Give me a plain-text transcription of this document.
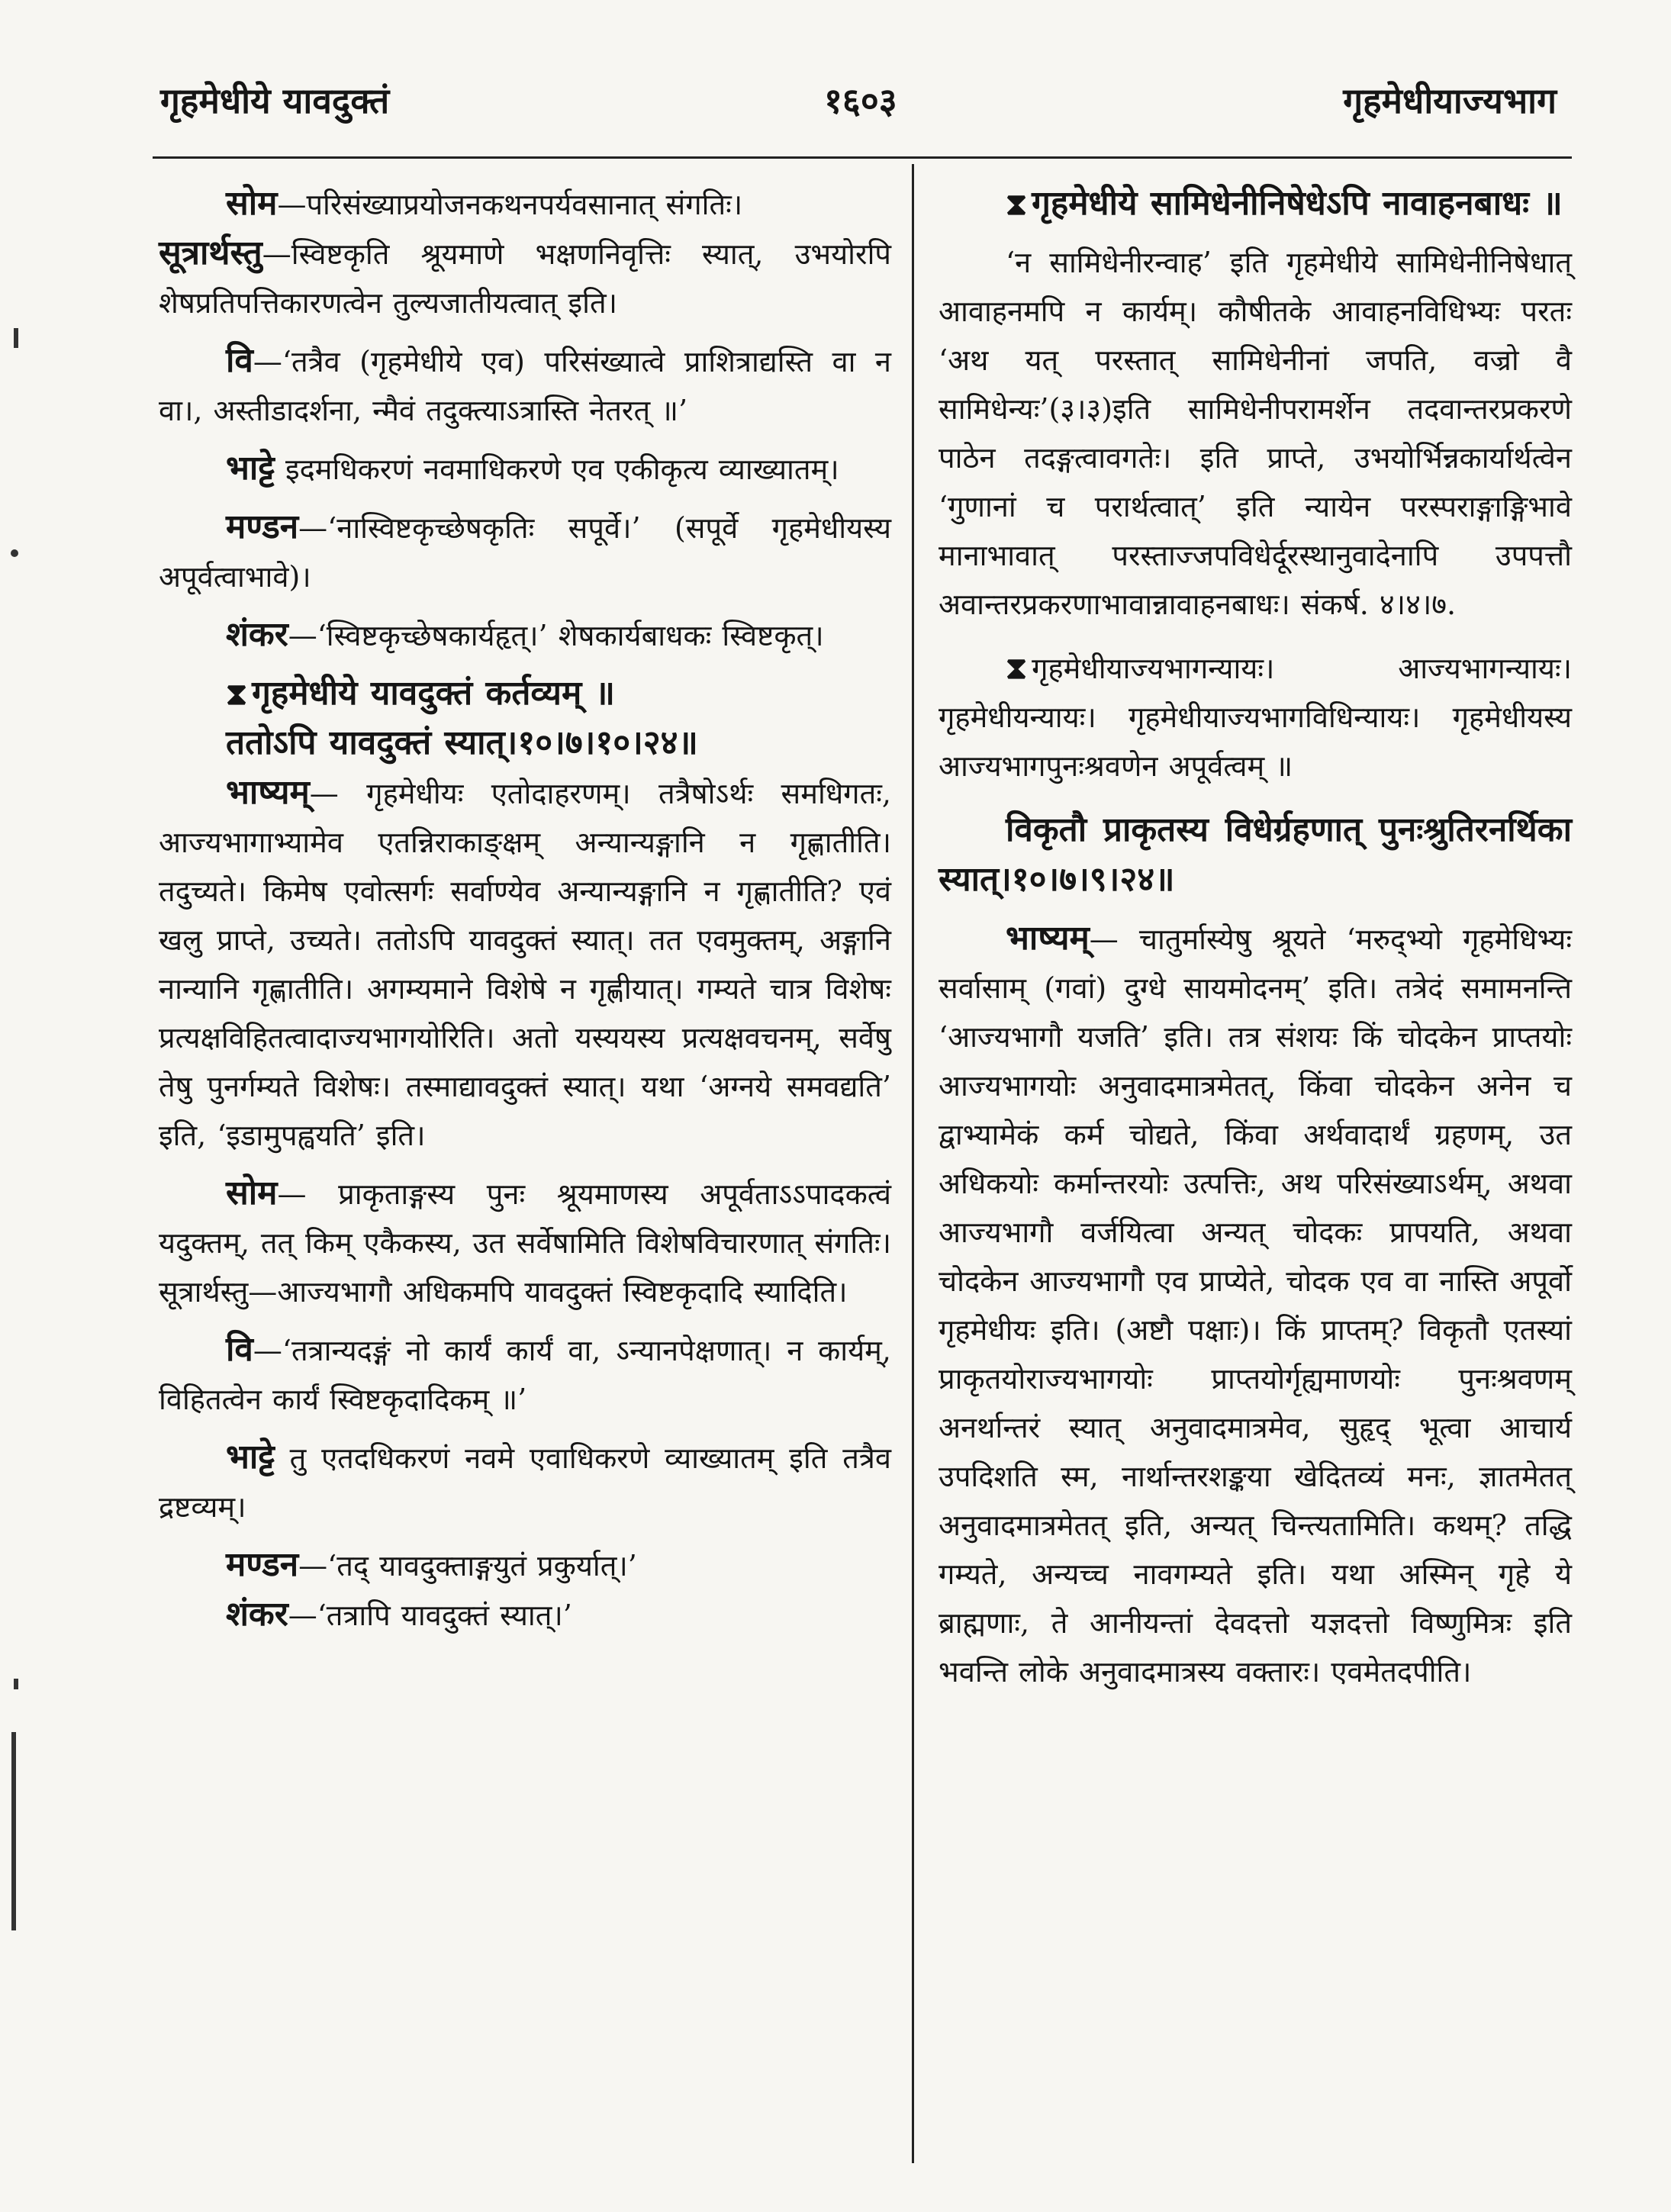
गृहमेधीये यावदुक्तं	१६०३	गृहमेधीयाज्यभाग

सोम—परिसंख्याप्रयोजनकथनपर्यवसानात् संगतिः।

सूत्रार्थस्तु—स्विष्टकृति श्रूयमाणे भक्षणनिवृत्तिः स्यात्, उभयोरपि शेषप्रतिपत्तिकारणत्वेन तुल्यजातीयत्वात् इति।

वि—‘तत्रैव (गृहमेधीये एव) परिसंख्यात्वे प्राशित्राद्यस्ति वा न वा।, अस्तीडादर्शना, न्मैवं तदुक्त्याऽत्रास्ति नेतरत् ॥’

भाट्टे इदमधिकरणं नवमाधिकरणे एव एकीकृत्य व्याख्यातम्।

मण्डन—‘नास्विष्टकृच्छेषकृतिः सपूर्वे।’ (सपूर्वे गृहमेधीयस्य अपूर्वत्वाभावे)।

शंकर—‘स्विष्टकृच्छेषकार्यहृत्।’ शेषकार्यबाधकः स्विष्टकृत्।

⧗ गृहमेधीये यावदुक्तं कर्तव्यम् ॥

ततोऽपि यावदुक्तं स्यात्।१०।७।१०।२४॥

भाष्यम्— गृहमेधीयः एतोदाहरणम्। तत्रैषोऽर्थः समधिगतः, आज्यभागाभ्यामेव एतन्निराकाङ्क्षम् अन्यान्यङ्गानि न गृह्णातीति। तदुच्यते। किमेष एवोत्सर्गः सर्वाण्येव अन्यान्यङ्गानि न गृह्णातीति? एवं खलु प्राप्ते, उच्यते। ततोऽपि यावदुक्तं स्यात्। तत एवमुक्तम्, अङ्गानि नान्यानि गृह्णातीति। अगम्यमाने विशेषे न गृह्णीयात्। गम्यते चात्र विशेषः प्रत्यक्षविहितत्वादाज्यभागयोरिति। अतो यस्ययस्य प्रत्यक्षवचनम्, सर्वेषु तेषु पुनर्गम्यते विशेषः। तस्माद्यावदुक्तं स्यात्। यथा ‘अग्नये समवद्यति’ इति, ‘इडामुपह्वयति’ इति।

सोम— प्राकृताङ्गस्य पुनः श्रूयमाणस्य अपूर्वताऽऽपादकत्वं यदुक्तम्, तत् किम् एकैकस्य, उत सर्वेषामिति विशेषविचारणात् संगतिः। सूत्रार्थस्तु—आज्यभागौ अधिकमपि यावदुक्तं स्विष्टकृदादि स्यादिति।

वि—‘तत्रान्यदङ्गं नो कार्यं कार्यं वा, ऽन्यानपेक्षणात्। न कार्यम्, विहितत्वेन कार्यं स्विष्टकृदादिकम् ॥’

भाट्टे तु एतदधिकरणं नवमे एवाधिकरणे व्याख्यातम् इति तत्रैव द्रष्टव्यम्।

मण्डन—‘तद् यावदुक्ताङ्गयुतं प्रकुर्यात्।’

शंकर—‘तत्रापि यावदुक्तं स्यात्।’

⧗ गृहमेधीये सामिधेनीनिषेधेऽपि नावाहनबाधः ॥

‘न सामिधेनीरन्वाह’ इति गृहमेधीये सामिधेनीनिषेधात् आवाहनमपि न कार्यम्। कौषीतके आवाहनविधिभ्यः परतः ‘अथ यत् परस्तात् सामिधेनीनां जपति, वज्रो वै सामिधेन्यः’(३।३)इति सामिधेनीपरामर्शेन तदवान्तरप्रकरणे पाठेन तदङ्गत्वावगतेः। इति प्राप्ते, उभयोर्भिन्नकार्यार्थत्वेन ‘गुणानां च परार्थत्वात्’ इति न्यायेन परस्पराङ्गाङ्गिभावे मानाभावात् परस्ताज्जपविधेर्दूरस्थानुवादेनापि उपपत्तौ अवान्तरप्रकरणाभावान्नावाहनबाधः। संकर्ष. ४।४।७.

⧗ गृहमेधीयाज्यभागन्यायः। आज्यभागन्यायः। गृहमेधीयन्यायः। गृहमेधीयाज्यभागविधिन्यायः। गृहमेधीयस्य आज्यभागपुनःश्रवणेन अपूर्वत्वम् ॥

विकृतौ प्राकृतस्य विधेर्ग्रहणात् पुनःश्रुतिरनर्थिका स्यात्।१०।७।९।२४॥

भाष्यम्— चातुर्मास्येषु श्रूयते ‘मरुद्भ्यो गृहमेधिभ्यः सर्वासाम् (गवां) दुग्धे सायमोदनम्’ इति। तत्रेदं समामनन्ति ‘आज्यभागौ यजति’ इति। तत्र संशयः किं चोदकेन प्राप्तयोः आज्यभागयोः अनुवादमात्रमेतत्, किंवा चोदकेन अनेन च द्वाभ्यामेकं कर्म चोद्यते, किंवा अर्थवादार्थं ग्रहणम्, उत अधिकयोः कर्मान्तरयोः उत्पत्तिः, अथ परिसंख्याऽर्थम्, अथवा आज्यभागौ वर्जयित्वा अन्यत् चोदकः प्रापयति, अथवा चोदकेन आज्यभागौ एव प्राप्येते, चोदक एव वा नास्ति अपूर्वो गृहमेधीयः इति। (अष्टौ पक्षाः)। किं प्राप्तम्? विकृतौ एतस्यां प्राकृतयोराज्यभागयोः प्राप्तयोर्गृह्यमाणयोः पुनःश्रवणम् अनर्थान्तरं स्यात् अनुवादमात्रमेव, सुहृद् भूत्वा आचार्य उपदिशति स्म, नार्थान्तरशङ्कया खेदितव्यं मनः, ज्ञातमेतत् अनुवादमात्रमेतत् इति, अन्यत् चिन्त्यतामिति। कथम्? तद्धि गम्यते, अन्यच्च नावगम्यते इति। यथा अस्मिन् गृहे ये ब्राह्मणाः, ते आनीयन्तां देवदत्तो यज्ञदत्तो विष्णुमित्रः इति भवन्ति लोके अनुवादमात्रस्य वक्तारः। एवमेतदपीति।
